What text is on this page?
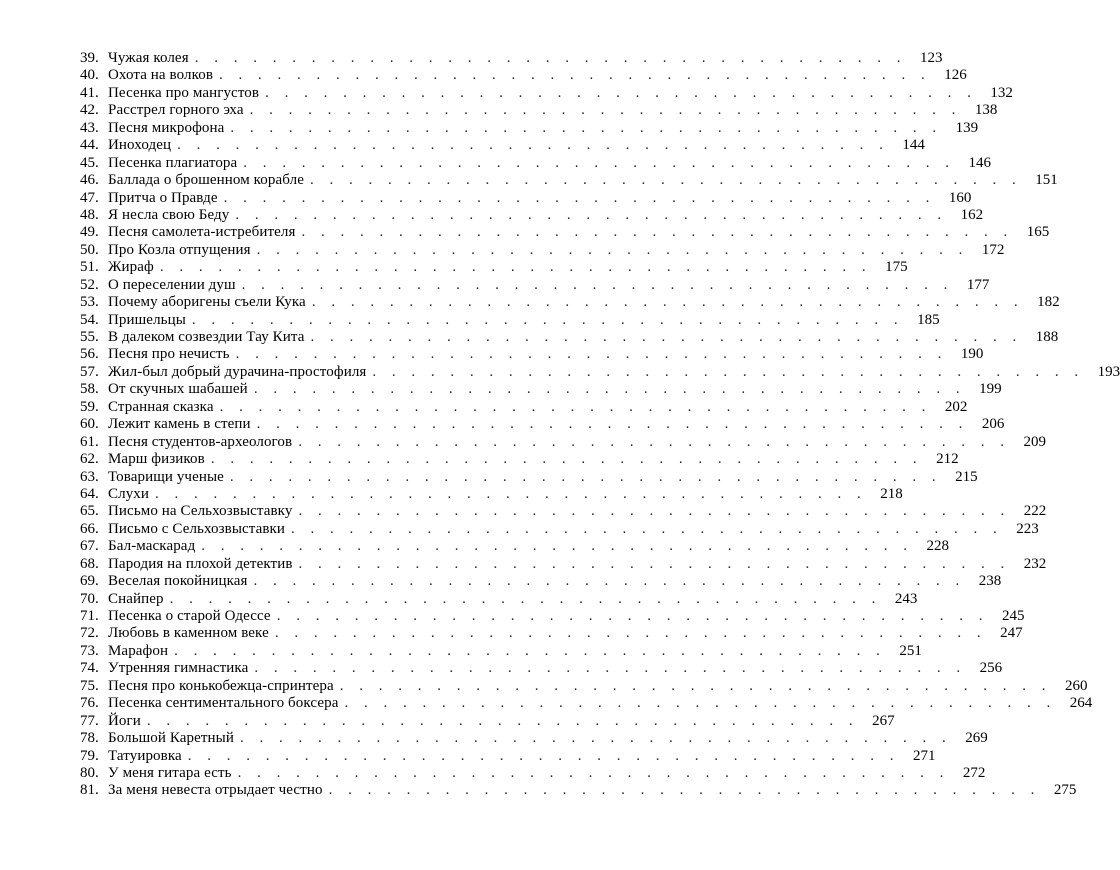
39. Чужая колея . . . . . . . . . . . . . . . . . . . . . . . . . . . . . . . . . . . . . 123
40. Охота на волков . . . . . . . . . . . . . . . . . . . . . . . . . . . . . . . . . . . . . 126
41. Песенка про мангустов . . . . . . . . . . . . . . . . . . . . . . . . . . . . . . . . . . . . . 132
42. Расстрел горного эха . . . . . . . . . . . . . . . . . . . . . . . . . . . . . . . . . . . . . 138
43. Песня микрофона . . . . . . . . . . . . . . . . . . . . . . . . . . . . . . . . . . . . . 139
44. Иноходец . . . . . . . . . . . . . . . . . . . . . . . . . . . . . . . . . . . . . 144
45. Песенка плагиатора . . . . . . . . . . . . . . . . . . . . . . . . . . . . . . . . . . . . . 146
46. Баллада о брошенном корабле . . . . . . . . . . . . . . . . . . . . . . . . . . . . . . . . . . . . . 151
47. Притча о Правде . . . . . . . . . . . . . . . . . . . . . . . . . . . . . . . . . . . . . 160
48. Я несла свою Беду . . . . . . . . . . . . . . . . . . . . . . . . . . . . . . . . . . . . . 162
49. Песня самолета-истребителя . . . . . . . . . . . . . . . . . . . . . . . . . . . . . . . . . . . . . 165
50. Про Козла отпущения . . . . . . . . . . . . . . . . . . . . . . . . . . . . . . . . . . . . . 172
51. Жираф . . . . . . . . . . . . . . . . . . . . . . . . . . . . . . . . . . . . . 175
52. О переселении душ . . . . . . . . . . . . . . . . . . . . . . . . . . . . . . . . . . . . . 177
53. Почему аборигены съели Кука . . . . . . . . . . . . . . . . . . . . . . . . . . . . . . . . . . . . . 182
54. Пришельцы . . . . . . . . . . . . . . . . . . . . . . . . . . . . . . . . . . . . . 185
55. В далеком созвездии Тау Кита . . . . . . . . . . . . . . . . . . . . . . . . . . . . . . . . . . . . . 188
56. Песня про нечисть . . . . . . . . . . . . . . . . . . . . . . . . . . . . . . . . . . . . . 190
57. Жил-был добрый дурачина-простофиля . . . . . . . . . . . . . . . . . . . . . . . . . . . . . . . . . . . . . 193
58. От скучных шабашей . . . . . . . . . . . . . . . . . . . . . . . . . . . . . . . . . . . . . 199
59. Странная сказка . . . . . . . . . . . . . . . . . . . . . . . . . . . . . . . . . . . . . 202
60. Лежит камень в степи . . . . . . . . . . . . . . . . . . . . . . . . . . . . . . . . . . . . . 206
61. Песня студентов-археологов . . . . . . . . . . . . . . . . . . . . . . . . . . . . . . . . . . . . . 209
62. Марш физиков . . . . . . . . . . . . . . . . . . . . . . . . . . . . . . . . . . . . . 212
63. Товарищи ученые . . . . . . . . . . . . . . . . . . . . . . . . . . . . . . . . . . . . . 215
64. Слухи . . . . . . . . . . . . . . . . . . . . . . . . . . . . . . . . . . . . . 218
65. Письмо на Сельхозвыставку . . . . . . . . . . . . . . . . . . . . . . . . . . . . . . . . . . . . . 222
66. Письмо с Сельхозвыставки . . . . . . . . . . . . . . . . . . . . . . . . . . . . . . . . . . . . . 223
67. Бал-маскарад . . . . . . . . . . . . . . . . . . . . . . . . . . . . . . . . . . . . . 228
68. Пародия на плохой детектив . . . . . . . . . . . . . . . . . . . . . . . . . . . . . . . . . . . . . 232
69. Веселая покойницкая . . . . . . . . . . . . . . . . . . . . . . . . . . . . . . . . . . . . . 238
70. Снайпер . . . . . . . . . . . . . . . . . . . . . . . . . . . . . . . . . . . . . 243
71. Песенка о старой Одессе . . . . . . . . . . . . . . . . . . . . . . . . . . . . . . . . . . . . . 245
72. Любовь в каменном веке . . . . . . . . . . . . . . . . . . . . . . . . . . . . . . . . . . . . . 247
73. Марафон . . . . . . . . . . . . . . . . . . . . . . . . . . . . . . . . . . . . . 251
74. Утренняя гимнастика . . . . . . . . . . . . . . . . . . . . . . . . . . . . . . . . . . . . . 256
75. Песня про конькобежца-спринтера . . . . . . . . . . . . . . . . . . . . . . . . . . . . . . . . . . . . . 260
76. Песенка сентиментального боксера . . . . . . . . . . . . . . . . . . . . . . . . . . . . . . . . . . . . . 264
77. Йоги . . . . . . . . . . . . . . . . . . . . . . . . . . . . . . . . . . . . . 267
78. Большой Каретный . . . . . . . . . . . . . . . . . . . . . . . . . . . . . . . . . . . . . 269
79. Татуировка . . . . . . . . . . . . . . . . . . . . . . . . . . . . . . . . . . . . . 271
80. У меня гитара есть . . . . . . . . . . . . . . . . . . . . . . . . . . . . . . . . . . . . . 272
81. За меня невеста отрыдает честно . . . . . . . . . . . . . . . . . . . . . . . . . . . . . . . . . . . . . 275
